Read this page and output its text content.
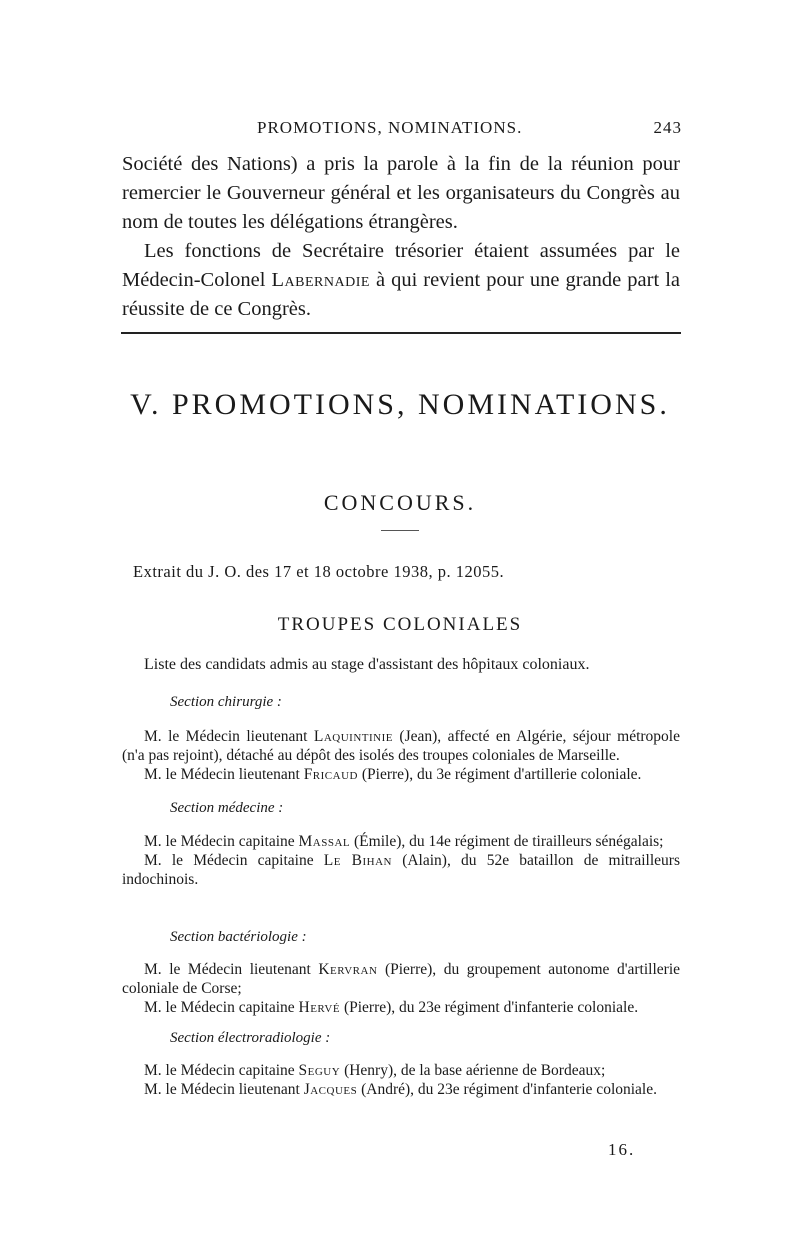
PROMOTIONS, NOMINATIONS.	243

Société des Nations) a pris la parole à la fin de la réunion pour remercier le Gouverneur général et les organisateurs du Congrès au nom de toutes les délégations étrangères.

Les fonctions de Secrétaire trésorier étaient assumées par le Médecin-Colonel Labernadie à qui revient pour une grande part la réussite de ce Congrès.

V. PROMOTIONS, NOMINATIONS.
CONCOURS.
Extrait du J. O. des 17 et 18 octobre 1938, p. 12055.
TROUPES COLONIALES
Liste des candidats admis au stage d'assistant des hôpitaux coloniaux.
Section chirurgie :

M. le Médecin lieutenant Laquintinie (Jean), affecté en Algérie, séjour métropole (n'a pas rejoint), détaché au dépôt des isolés des troupes coloniales de Marseille.

M. le Médecin lieutenant Fricaud (Pierre), du 3e régiment d'artillerie coloniale.

Section médecine :

M. le Médecin capitaine Massal (Émile), du 14e régiment de tirailleurs sénégalais;

M. le Médecin capitaine Le Bihan (Alain), du 52e bataillon de mitrailleurs indochinois.

Section bactériologie :

M. le Médecin lieutenant Kervran (Pierre), du groupement autonome d'artillerie coloniale de Corse;

M. le Médecin capitaine Hervé (Pierre), du 23e régiment d'infanterie coloniale.

Section électroradiologie :

M. le Médecin capitaine Seguy (Henry), de la base aérienne de Bordeaux;

M. le Médecin lieutenant Jacques (André), du 23e régiment d'infanterie coloniale.

16.
